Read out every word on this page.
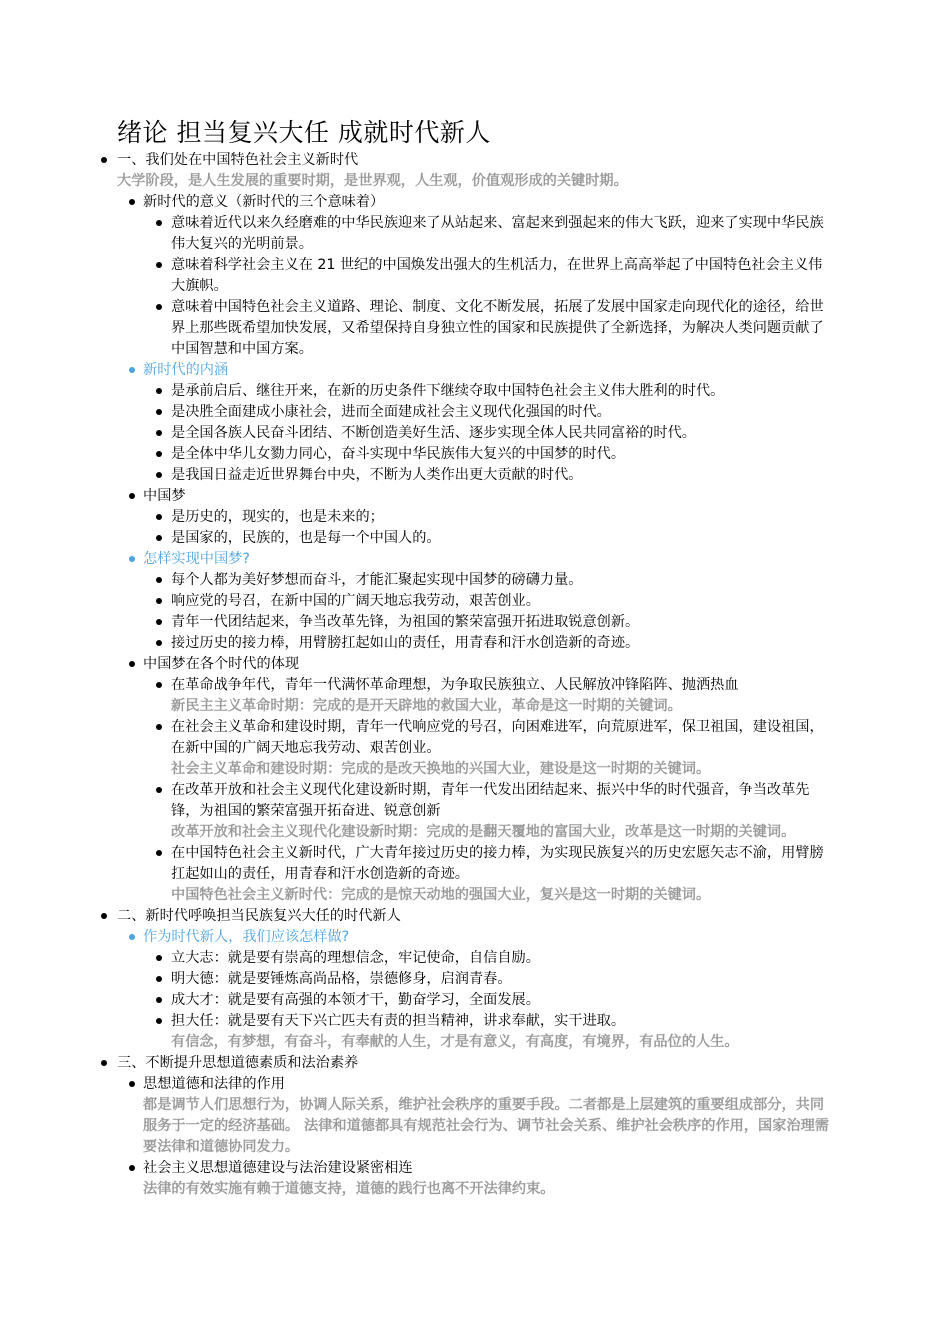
绪论 担当复兴大任 成就时代新人
一、我们处在中国特色社会主义新时代
大学阶段，是人生发展的重要时期，是世界观，人生观，价值观形成的关键时期。
新时代的意义（新时代的三个意味着）
意味着近代以来久经磨难的中华民族迎来了从站起来、富起来到强起来的伟大飞跃，迎来了实现中华民族伟大复兴的光明前景。
意味着科学社会主义在 21 世纪的中国焕发出强大的生机活力，在世界上高高举起了中国特色社会主义伟大旗帜。
意味着中国特色社会主义道路、理论、制度、文化不断发展，拓展了发展中国家走向现代化的途径，给世界上那些既希望加快发展，又希望保持自身独立性的国家和民族提供了全新选择，为解决人类问题贡献了中国智慧和中国方案。
新时代的内涵
是承前启后、继往开来，在新的历史条件下继续夺取中国特色社会主义伟大胜利的时代。
是决胜全面建成小康社会，进而全面建成社会主义现代化强国的时代。
是全国各族人民奋斗团结、不断创造美好生活、逐步实现全体人民共同富裕的时代。
是全体中华儿女勠力同心，奋斗实现中华民族伟大复兴的中国梦的时代。
是我国日益走近世界舞台中央，不断为人类作出更大贡献的时代。
中国梦
是历史的，现实的，也是未来的；
是国家的，民族的，也是每一个中国人的。
怎样实现中国梦?
每个人都为美好梦想而奋斗，才能汇聚起实现中国梦的磅礴力量。
响应党的号召，在新中国的广阔天地忘我劳动，艰苦创业。
青年一代团结起来，争当改革先锋，为祖国的繁荣富强开拓进取锐意创新。
接过历史的接力棒，用臂膀扛起如山的责任，用青春和汗水创造新的奇迹。
中国梦在各个时代的体现
在革命战争年代，青年一代满怀革命理想，为争取民族独立、人民解放冲锋陷阵、抛洒热血
新民主主义革命时期：完成的是开天辟地的救国大业，革命是这一时期的关键词。
在社会主义革命和建设时期，青年一代响应党的号召，向困难进军，向荒原进军，保卫祖国，建设祖国，在新中国的广阔天地忘我劳动、艰苦创业。
社会主义革命和建设时期：完成的是改天换地的兴国大业，建设是这一时期的关键词。
在改革开放和社会主义现代化建设新时期，青年一代发出团结起来、振兴中华的时代强音，争当改革先锋，为祖国的繁荣富强开拓奋进、锐意创新
改革开放和社会主义现代化建设新时期：完成的是翻天覆地的富国大业，改革是这一时期的关键词。
在中国特色社会主义新时代，广大青年接过历史的接力棒，为实现民族复兴的历史宏愿矢志不渝，用臂膀扛起如山的责任，用青春和汗水创造新的奇迹。
中国特色社会主义新时代：完成的是惊天动地的强国大业，复兴是这一时期的关键词。
二、新时代呼唤担当民族复兴大任的时代新人
作为时代新人，我们应该怎样做?
立大志：就是要有崇高的理想信念，牢记使命，自信自励。
明大德：就是要锤炼高尚品格，崇德修身，启润青春。
成大才：就是要有高强的本领才干，勤奋学习，全面发展。
担大任：就是要有天下兴亡匹夫有责的担当精神，讲求奉献，实干进取。
有信念，有梦想，有奋斗，有奉献的人生，才是有意义，有高度，有境界，有品位的人生。
三、不断提升思想道德素质和法治素养
思想道德和法律的作用
都是调节人们思想行为，协调人际关系，维护社会秩序的重要手段。二者都是上层建筑的重要组成部分，共同服务于一定的经济基础。 法律和道德都具有规范社会行为、调节社会关系、维护社会秩序的作用，国家治理需要法律和道德协同发力。
社会主义思想道德建设与法治建设紧密相连
法律的有效实施有赖于道德支持，道德的践行也离不开法律约束。
